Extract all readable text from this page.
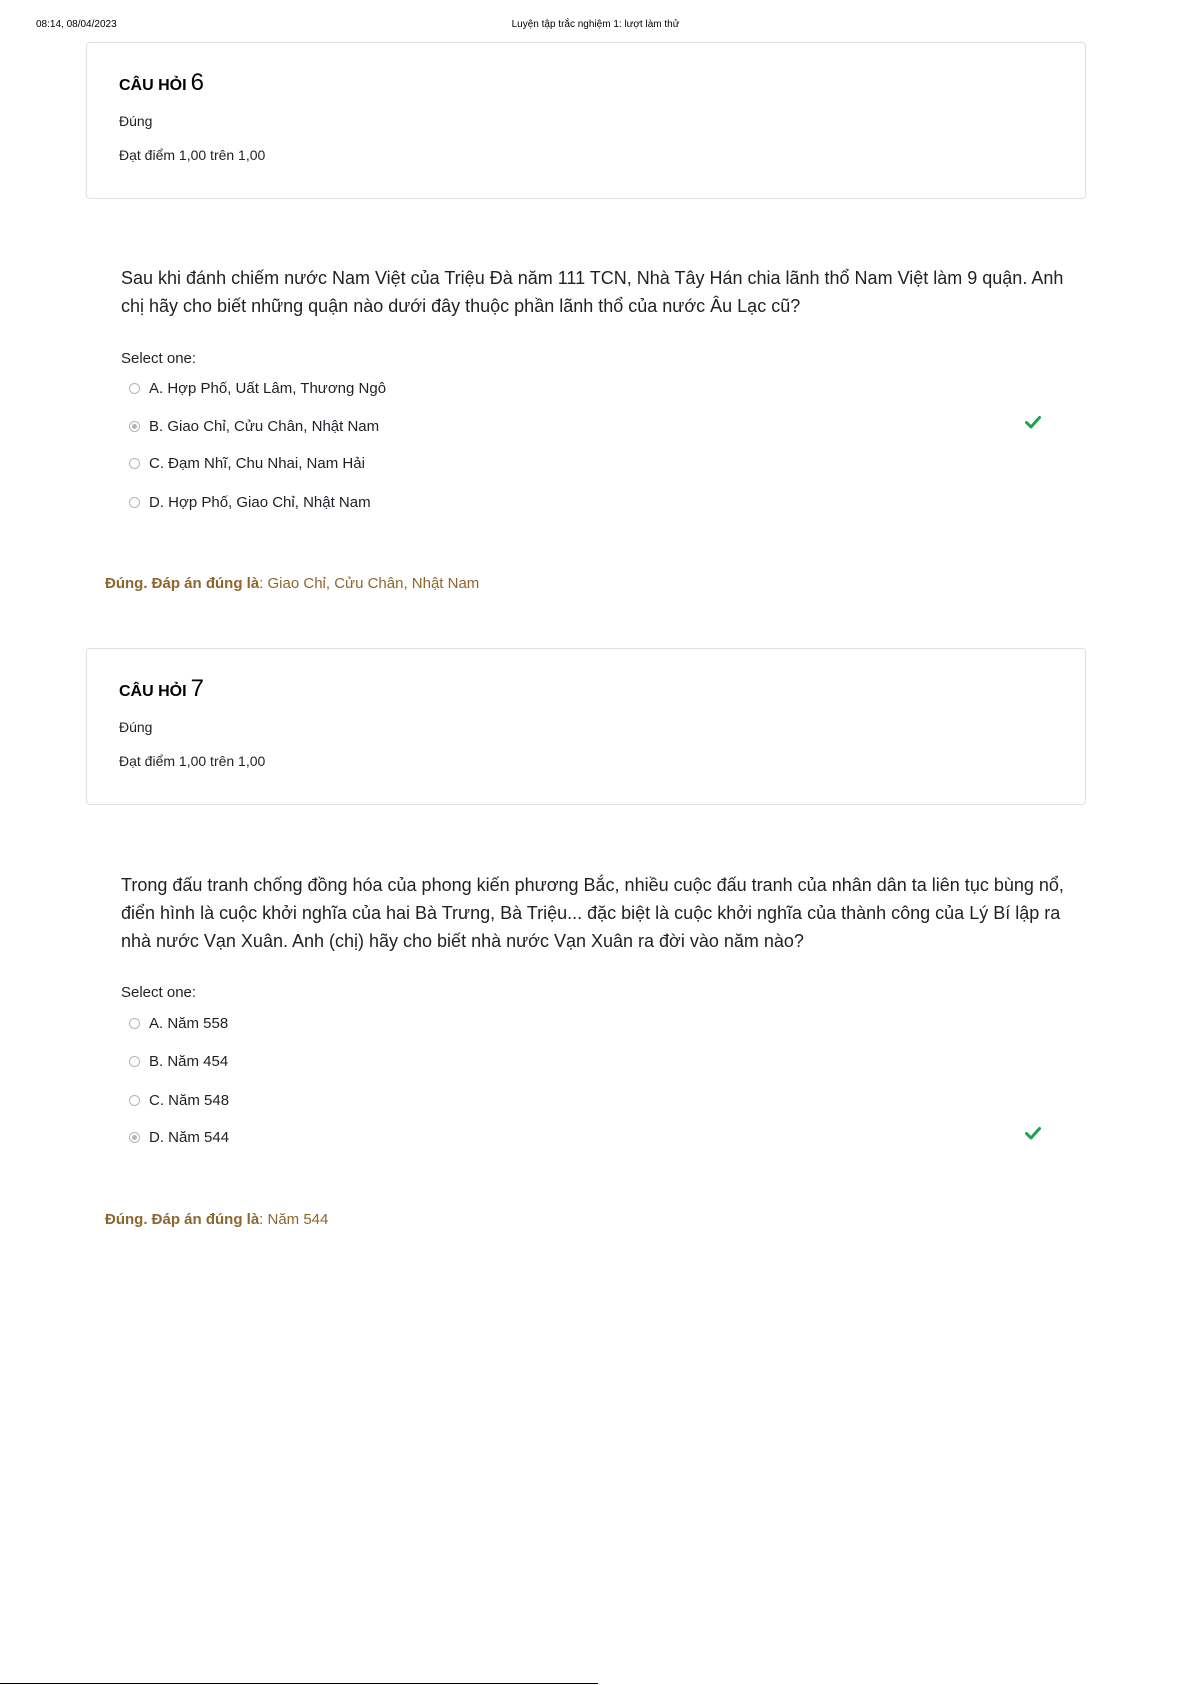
08:14, 08/04/2023	Luyện tập trắc nghiệm 1: lượt làm thử
CÂU HỎI 6
Đúng
Đạt điểm 1,00 trên 1,00
Sau khi đánh chiếm nước Nam Việt của Triệu Đà năm 111 TCN, Nhà Tây Hán chia lãnh thổ Nam Việt làm 9 quận. Anh chị hãy cho biết những quận nào dưới đây thuộc phần lãnh thổ của nước Âu Lạc cũ?
Select one:
A. Hợp Phố, Uất Lâm, Thương Ngô
B. Giao Chỉ, Cửu Chân, Nhật Nam
C. Đạm Nhĩ, Chu Nhai, Nam Hải
D. Hợp Phố, Giao Chỉ, Nhật Nam
Đúng. Đáp án đúng là: Giao Chỉ, Cửu Chân, Nhật Nam
CÂU HỎI 7
Đúng
Đạt điểm 1,00 trên 1,00
Trong đấu tranh chống đồng hóa của phong kiến phương Bắc, nhiều cuộc đấu tranh của nhân dân ta liên tục bùng nổ, điển hình là cuộc khởi nghĩa của hai Bà Trưng, Bà Triệu... đặc biệt là cuộc khởi nghĩa của thành công của Lý Bí lập ra nhà nước Vạn Xuân. Anh (chị) hãy cho biết nhà nước Vạn Xuân ra đời vào năm nào?
Select one:
A. Năm 558
B. Năm 454
C. Năm 548
D. Năm 544
Đúng. Đáp án đúng là: Năm 544
